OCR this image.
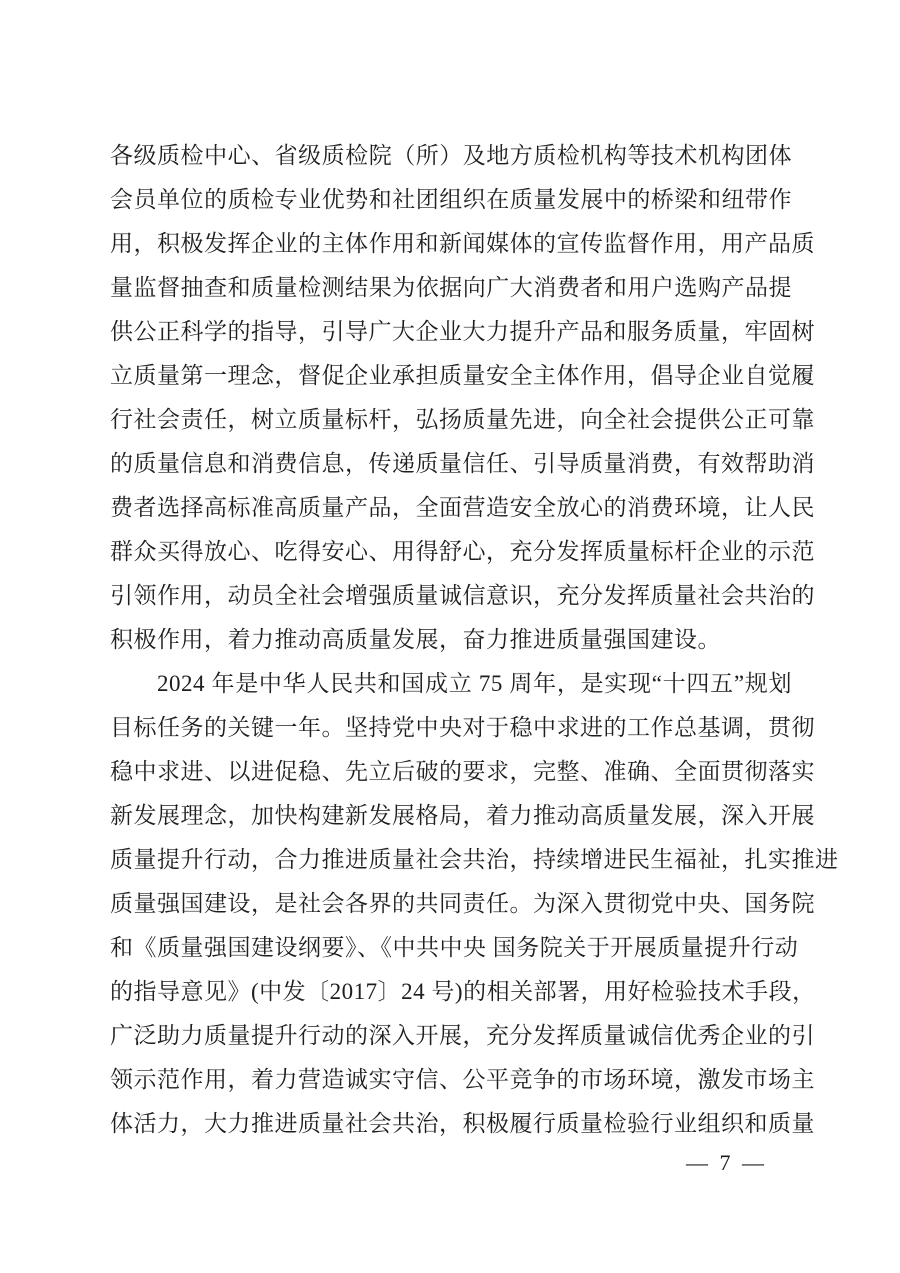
各级质检中心、省级质检院（所）及地方质检机构等技术机构团体
会员单位的质检专业优势和社团组织在质量发展中的桥梁和纽带作
用，积极发挥企业的主体作用和新闻媒体的宣传监督作用，用产品质
量监督抽查和质量检测结果为依据向广大消费者和用户选购产品提
供公正科学的指导，引导广大企业大力提升产品和服务质量，牢固树
立质量第一理念，督促企业承担质量安全主体作用，倡导企业自觉履
行社会责任，树立质量标杆，弘扬质量先进，向全社会提供公正可靠
的质量信息和消费信息，传递质量信任、引导质量消费，有效帮助消
费者选择高标准高质量产品，全面营造安全放心的消费环境，让人民
群众买得放心、吃得安心、用得舒心，充分发挥质量标杆企业的示范
引领作用，动员全社会增强质量诚信意识，充分发挥质量社会共治的
积极作用，着力推动高质量发展，奋力推进质量强国建设。
2024 年是中华人民共和国成立 75 周年，是实现“十四五”规划
目标任务的关键一年。坚持党中央对于稳中求进的工作总基调，贯彻
稳中求进、以进促稳、先立后破的要求，完整、准确、全面贯彻落实
新发展理念，加快构建新发展格局，着力推动高质量发展，深入开展
质量提升行动，合力推进质量社会共治，持续增进民生福祉，扎实推进
质量强国建设，是社会各界的共同责任。为深入贯彻党中央、国务院
和《质量强国建设纲要》、《中共中央 国务院关于开展质量提升行动
的指导意见》(中发〔2017〕24 号)的相关部署，用好检验技术手段，
广泛助力质量提升行动的深入开展，充分发挥质量诚信优秀企业的引
领示范作用，着力营造诚实守信、公平竞争的市场环境，激发市场主
体活力，大力推进质量社会共治，积极履行质量检验行业组织和质量
— 7 —
